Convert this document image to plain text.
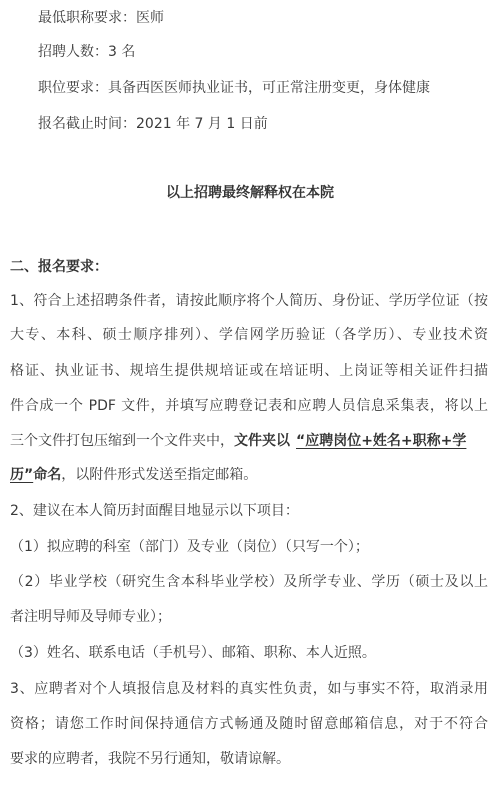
最低职称要求：医师
招聘人数：3 名
职位要求：具备西医医师执业证书，可正常注册变更，身体健康
报名截止时间：2021 年 7 月 1 日前
以上招聘最终解释权在本院
二、报名要求：
1、符合上述招聘条件者，请按此顺序将个人简历、身份证、学历学位证（按
大专、本科、硕士顺序排列）、学信网学历验证（各学历）、专业技术资
格证、执业证书、规培生提供规培证或在培证明、上岗证等相关证件扫描
件合成一个 PDF 文件，并填写应聘登记表和应聘人员信息采集表，将以上
三个文件打包压缩到一个文件夹中，文件夹以 “应聘岗位+姓名+职称+学
历”命名，以附件形式发送至指定邮箱。
2、建议在本人简历封面醒目地显示以下项目：
（1）拟应聘的科室（部门）及专业（岗位）（只写一个）；
（2）毕业学校（研究生含本科毕业学校）及所学专业、学历（硕士及以上
者注明导师及导师专业）；
（3）姓名、联系电话（手机号）、邮箱、职称、本人近照。
3、应聘者对个人填报信息及材料的真实性负责，如与事实不符，取消录用
资格；请您工作时间保持通信方式畅通及随时留意邮箱信息，对于不符合
要求的应聘者，我院不另行通知，敬请谅解。
